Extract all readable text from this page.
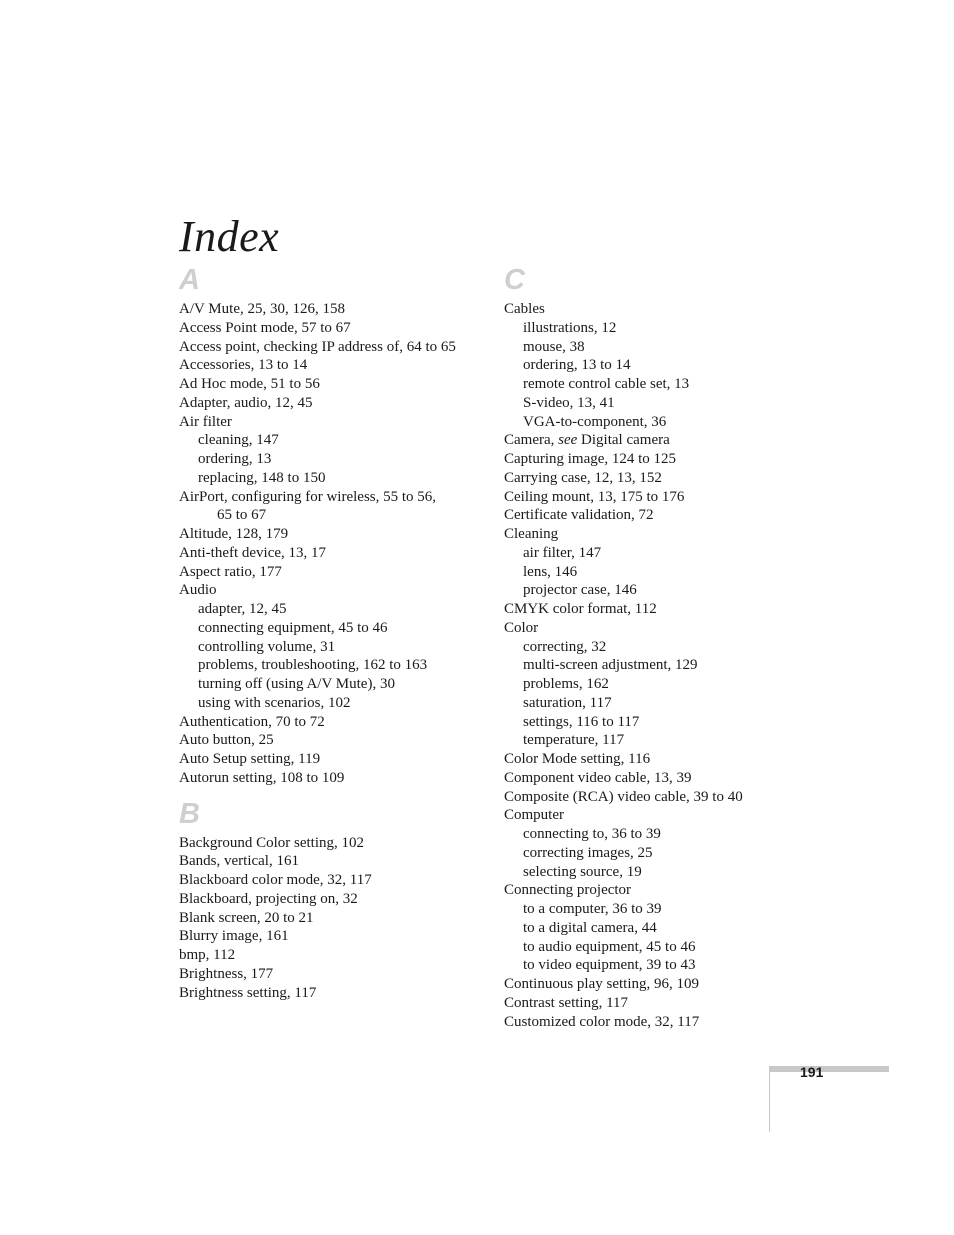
Index
A
A/V Mute, 25, 30, 126, 158
Access Point mode, 57 to 67
Access point, checking IP address of, 64 to 65
Accessories, 13 to 14
Ad Hoc mode, 51 to 56
Adapter, audio, 12, 45
Air filter
cleaning, 147
ordering, 13
replacing, 148 to 150
AirPort, configuring for wireless, 55 to 56,
65 to 67
Altitude, 128, 179
Anti-theft device, 13, 17
Aspect ratio, 177
Audio
adapter, 12, 45
connecting equipment, 45 to 46
controlling volume, 31
problems, troubleshooting, 162 to 163
turning off (using A/V Mute), 30
using with scenarios, 102
Authentication, 70 to 72
Auto button, 25
Auto Setup setting, 119
Autorun setting, 108 to 109
B
Background Color setting, 102
Bands, vertical, 161
Blackboard color mode, 32, 117
Blackboard, projecting on, 32
Blank screen, 20 to 21
Blurry image, 161
bmp, 112
Brightness, 177
Brightness setting, 117
C
Cables
illustrations, 12
mouse, 38
ordering, 13 to 14
remote control cable set, 13
S-video, 13, 41
VGA-to-component, 36
Camera, see Digital camera
Capturing image, 124 to 125
Carrying case, 12, 13, 152
Ceiling mount, 13, 175 to 176
Certificate validation, 72
Cleaning
air filter, 147
lens, 146
projector case, 146
CMYK color format, 112
Color
correcting, 32
multi-screen adjustment, 129
problems, 162
saturation, 117
settings, 116 to 117
temperature, 117
Color Mode setting, 116
Component video cable, 13, 39
Composite (RCA) video cable, 39 to 40
Computer
connecting to, 36 to 39
correcting images, 25
selecting source, 19
Connecting projector
to a computer, 36 to 39
to a digital camera, 44
to audio equipment, 45 to 46
to video equipment, 39 to 43
Continuous play setting, 96, 109
Contrast setting, 117
Customized color mode, 32, 117
191
